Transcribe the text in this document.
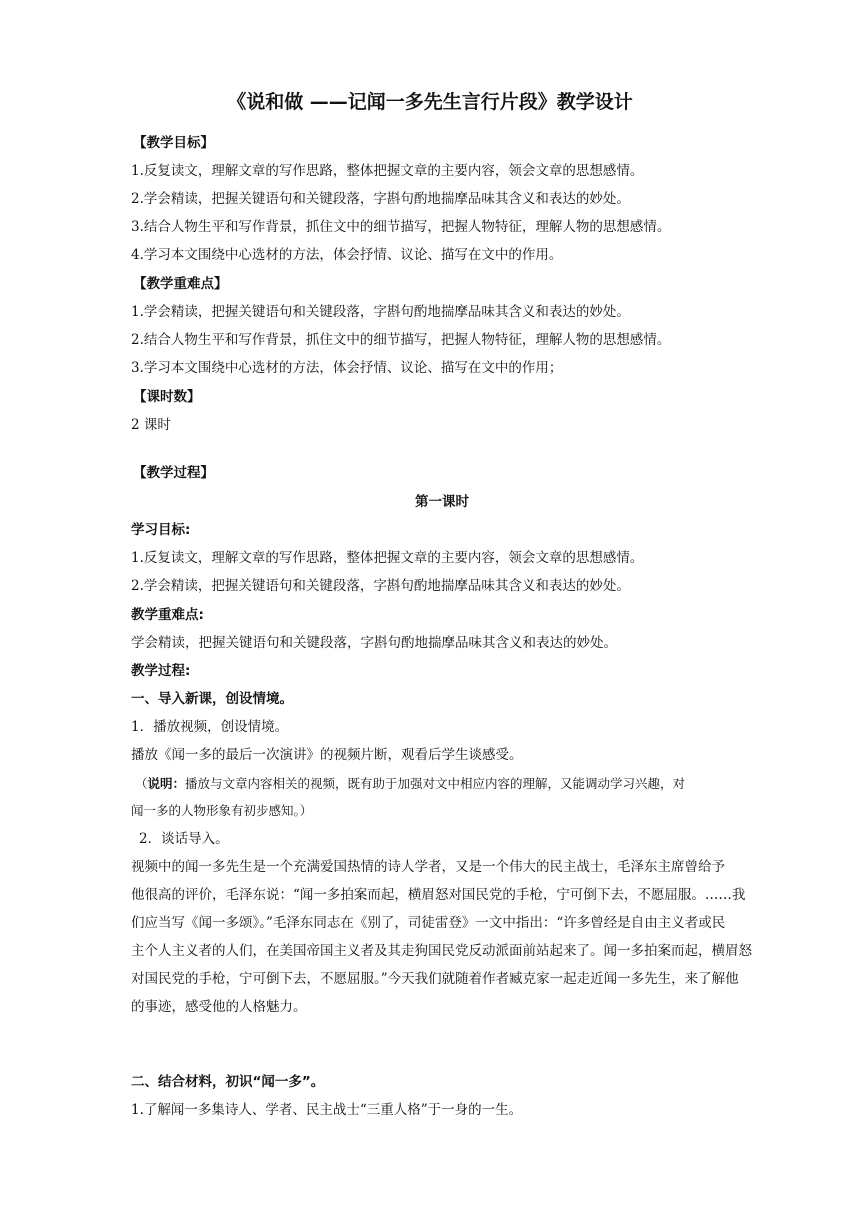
《说和做 ——记闻一多先生言行片段》教学设计
【教学目标】
1.反复读文，理解文章的写作思路，整体把握文章的主要内容，领会文章的思想感情。
2.学会精读，把握关键语句和关键段落，字斟句酌地揣摩品味其含义和表达的妙处。
3.结合人物生平和写作背景，抓住文中的细节描写，把握人物特征，理解人物的思想感情。
4.学习本文围绕中心选材的方法，体会抒情、议论、描写在文中的作用。
【教学重难点】
1.学会精读，把握关键语句和关键段落，字斟句酌地揣摩品味其含义和表达的妙处。
2.结合人物生平和写作背景，抓住文中的细节描写，把握人物特征，理解人物的思想感情。
3.学习本文围绕中心选材的方法，体会抒情、议论、描写在文中的作用；
【课时数】
2 课时
【教学过程】
第一课时
学习目标:
1.反复读文，理解文章的写作思路，整体把握文章的主要内容，领会文章的思想感情。
2.学会精读，把握关键语句和关键段落，字斟句酌地揣摩品味其含义和表达的妙处。
教学重难点:
学会精读，把握关键语句和关键段落，字斟句酌地揣摩品味其含义和表达的妙处。
教学过程:
一、导入新课，创设情境。
1．播放视频，创设情境。
播放《闻一多的最后一次演讲》的视频片断，观看后学生谈感受。
（说明：播放与文章内容相关的视频，既有助于加强对文中相应内容的理解，又能调动学习兴趣，对
闻一多的人物形象有初步感知。）
2．谈话导入。
视频中的闻一多先生是一个充满爱国热情的诗人学者，又是一个伟大的民主战士，毛泽东主席曾给予
他很高的评价，毛泽东说：“闻一多拍案而起，横眉怒对国民党的手枪，宁可倒下去，不愿屈服。……我
们应当写《闻一多颂》。”毛泽东同志在《别了，司徒雷登》一文中指出：“许多曾经是自由主义者或民
主个人主义者的人们，在美国帝国主义者及其走狗国民党反动派面前站起来了。闻一多拍案而起，横眉怒
对国民党的手枪，宁可倒下去，不愿屈服。”今天我们就随着作者臧克家一起走近闻一多先生，来了解他
的事迹，感受他的人格魅力。
二、结合材料，初识“闻一多”。
1.了解闻一多集诗人、学者、民主战士“三重人格”于一身的一生。
